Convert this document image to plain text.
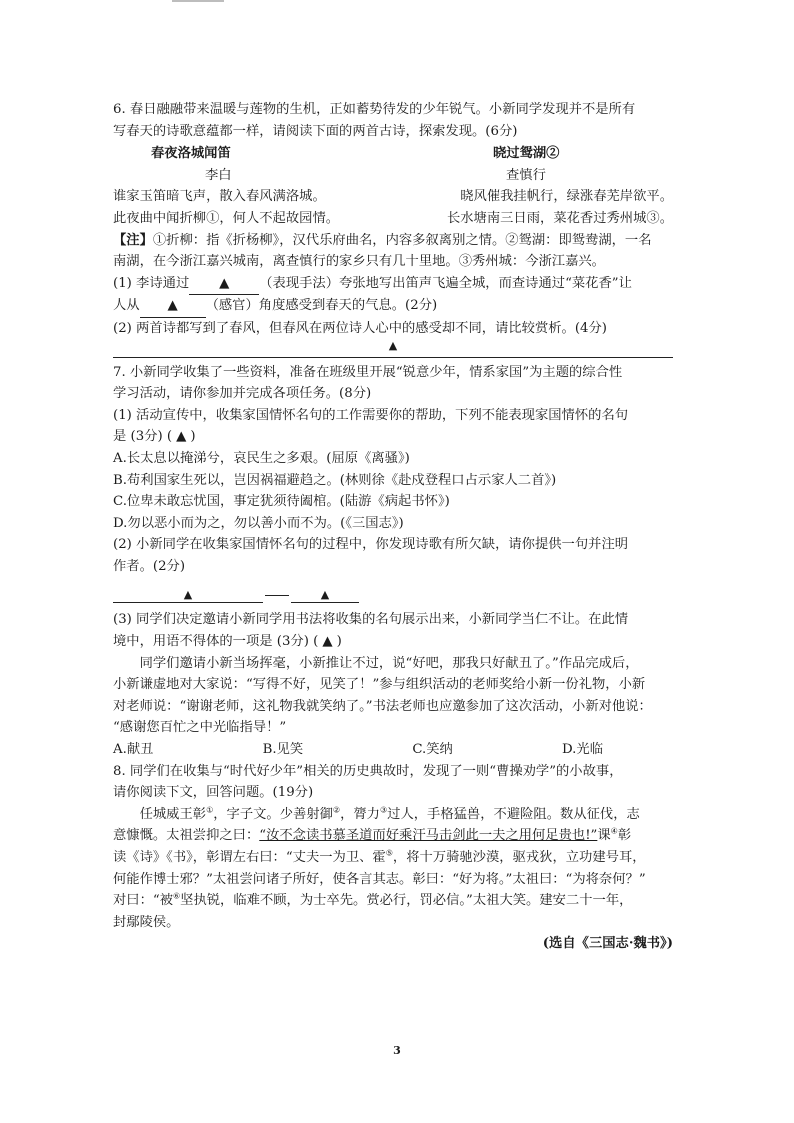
6. 春日融融带来温暖与莲物的生机，正如蓄势待发的少年锐气。小新同学发现并不是所有

写春天的诗歌意蕴都一样，请阅读下面的两首古诗，探索发现。(6分)

春夜洛城闻笛
李白
谁家玉笛暗飞声，散入春风满洛城。
此夜曲中闻折柳①，何人不起故园情。
晓过鸳湖②
查慎行
晓风催我挂帆行，绿涨春芜岸欲平。
长水塘南三日雨，菜花香过秀州城③。

【注】①折柳：指《折杨柳》，汉代乐府曲名，内容多叙离别之情。②鸳湖：即鸳鸯湖，一名

南湖，在今浙江嘉兴城南，离查慎行的家乡只有几十里地。③秀州城：今浙江嘉兴。

(1) 李诗通过 ▲ （表现手法）夸张地写出笛声飞遍全城，而查诗通过“菜花香”让

人从 ▲ （感官）角度感受到春天的气息。(2分)

(2) 两首诗都写到了春风，但春风在两位诗人心中的感受却不同，请比较赏析。(4分)

▲

7. 小新同学收集了一些资料，准备在班级里开展“锐意少年，情系家国”为主题的综合性

学习活动，请你参加并完成各项任务。(8分)

(1) 活动宣传中，收集家国情怀名句的工作需要你的帮助，下列不能表现家国情怀的名句

是 (3分) ( ▲ )

A.长太息以掩涕兮，哀民生之多艰。(屈原《离骚》)

B.苟利国家生死以，岂因祸福避趋之。(林则徐《赴戍登程口占示家人二首》)

C.位卑未敢忘忧国，事定犹须待阖棺。(陆游《病起书怀》)

D.勿以恶小而为之，勿以善小而不为。(《三国志》)

(2) 小新同学在收集家国情怀名句的过程中，你发现诗歌有所欠缺，请你提供一句并注明

作者。(2分)

▲	▲

(3) 同学们决定邀请小新同学用书法将收集的名句展示出来，小新同学当仁不让。在此情

境中，用语不得体的一项是 (3分) ( ▲ )

同学们邀请小新当场挥毫，小新推让不过，说“好吧，那我只好献丑了。”作品完成后，

小新谦虚地对大家说：“写得不好，见笑了！”参与组织活动的老师奖给小新一份礼物，小新

对老师说：“谢谢老师，这礼物我就笑纳了。”书法老师也应邀参加了这次活动，小新对他说：

“感谢您百忙之中光临指导！”

A.献丑	B.见笑	C.笑纳	D.光临

8. 同学们在收集与“时代好少年”相关的历史典故时，发现了一则“曹操劝学”的小故事，

请你阅读下文，回答问题。(19分)

任城威王彰①，字子文。少善射御②，膂力③过人，手格猛兽，不避险阻。数从征伐，志

意慷慨。太祖尝抑之曰：“汝不念读书慕圣道而好乘汗马击剑此一夫之用何足贵也!”课④彰

读《诗》《书》，彰谓左右曰：“丈夫一为卫、霍⑤，将十万骑驰沙漠，驱戎狄，立功建号耳，

何能作博士邪？”太祖尝问诸子所好，使各言其志。彰曰：“好为将。”太祖曰：“为将奈何？”

对曰：“被⑥坚执锐，临难不顾，为士卒先。赏必行，罚必信。”太祖大笑。建安二十一年，

封鄢陵侯。

(选自《三国志·魏书》)

3
